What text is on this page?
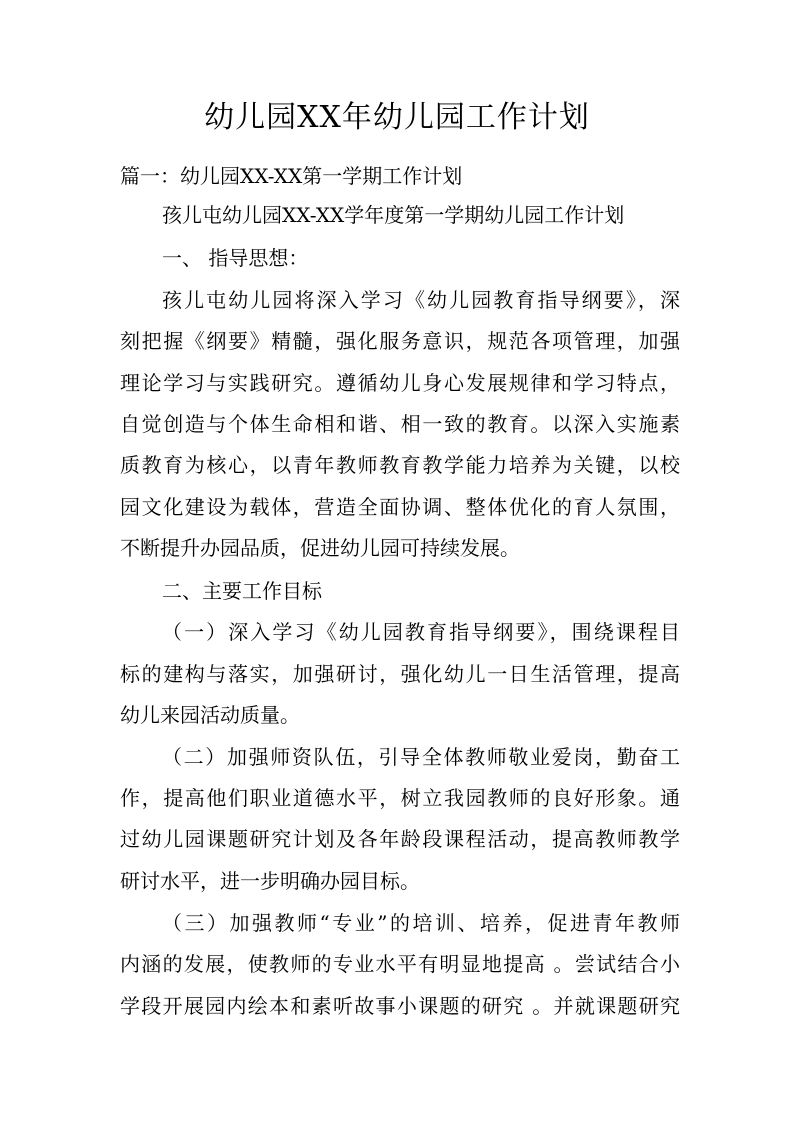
幼儿园XX年幼儿园工作计划
篇一：幼儿园XX-XX第一学期工作计划
孩儿屯幼儿园XX-XX学年度第一学期幼儿园工作计划
一、 指导思想：
孩儿屯幼儿园将深入学习《幼儿园教育指导纲要》，深
刻把握《纲要》精髓，强化服务意识，规范各项管理，加强
理论学习与实践研究。遵循幼儿身心发展规律和学习特点，
自觉创造与个体生命相和谐、相一致的教育。以深入实施素
质教育为核心，以青年教师教育教学能力培养为关键，以校
园文化建设为载体，营造全面协调、整体优化的育人氛围，
不断提升办园品质，促进幼儿园可持续发展。
二、主要工作目标
（一）深入学习《幼儿园教育指导纲要》，围绕课程目
标的建构与落实，加强研讨，强化幼儿一日生活管理，提高
幼儿来园活动质量。
（二）加强师资队伍，引导全体教师敬业爱岗，勤奋工
作，提高他们职业道德水平，树立我园教师的良好形象。通
过幼儿园课题研究计划及各年龄段课程活动，提高教师教学
研讨水平，进一步明确办园目标。
（三）加强教师“专业”的培训、培养，促进青年教师
内涵的发展，使教师的专业水平有明显地提高 。尝试结合小
学段开展园内绘本和素听故事小课题的研究 。并就课题研究
